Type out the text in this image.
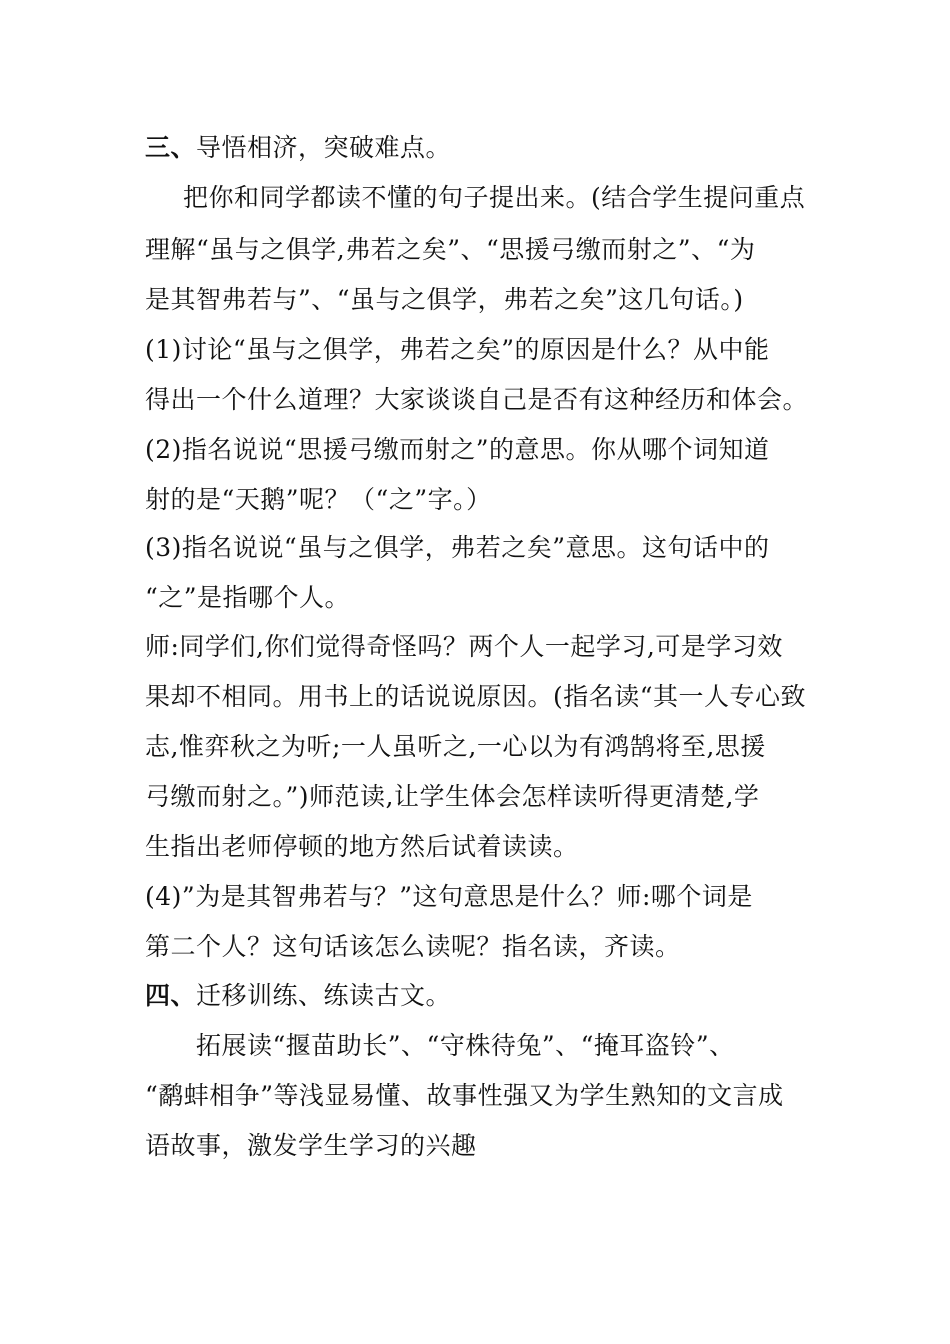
三、导悟相济，突破难点。
把你和同学都读不懂的句子提出来。(结合学生提问重点
理解“虽与之俱学,弗若之矣”、“思援弓缴而射之”、“为
是其智弗若与”、“虽与之俱学，弗若之矣”这几句话。)
(1)讨论“虽与之俱学，弗若之矣”的原因是什么？从中能
得出一个什么道理？大家谈谈自己是否有这种经历和体会。
(2)指名说说“思援弓缴而射之”的意思。你从哪个词知道
射的是“天鹅”呢？（“之”字。）
(3)指名说说“虽与之俱学，弗若之矣”意思。这句话中的
“之”是指哪个人。
师:同学们,你们觉得奇怪吗？两个人一起学习,可是学习效
果却不相同。用书上的话说说原因。(指名读“其一人专心致
志,惟弈秋之为听;一人虽听之,一心以为有鸿鹄将至,思援
弓缴而射之。”)师范读,让学生体会怎样读听得更清楚,学
生指出老师停顿的地方然后试着读读。
(4)”为是其智弗若与？”这句意思是什么？师:哪个词是
第二个人？这句话该怎么读呢？指名读，齐读。
四、迁移训练、练读古文。
拓展读“揠苗助长”、“守株待兔”、“掩耳盗铃”、
“鹬蚌相争”等浅显易懂、故事性强又为学生熟知的文言成
语故事，激发学生学习的兴趣
